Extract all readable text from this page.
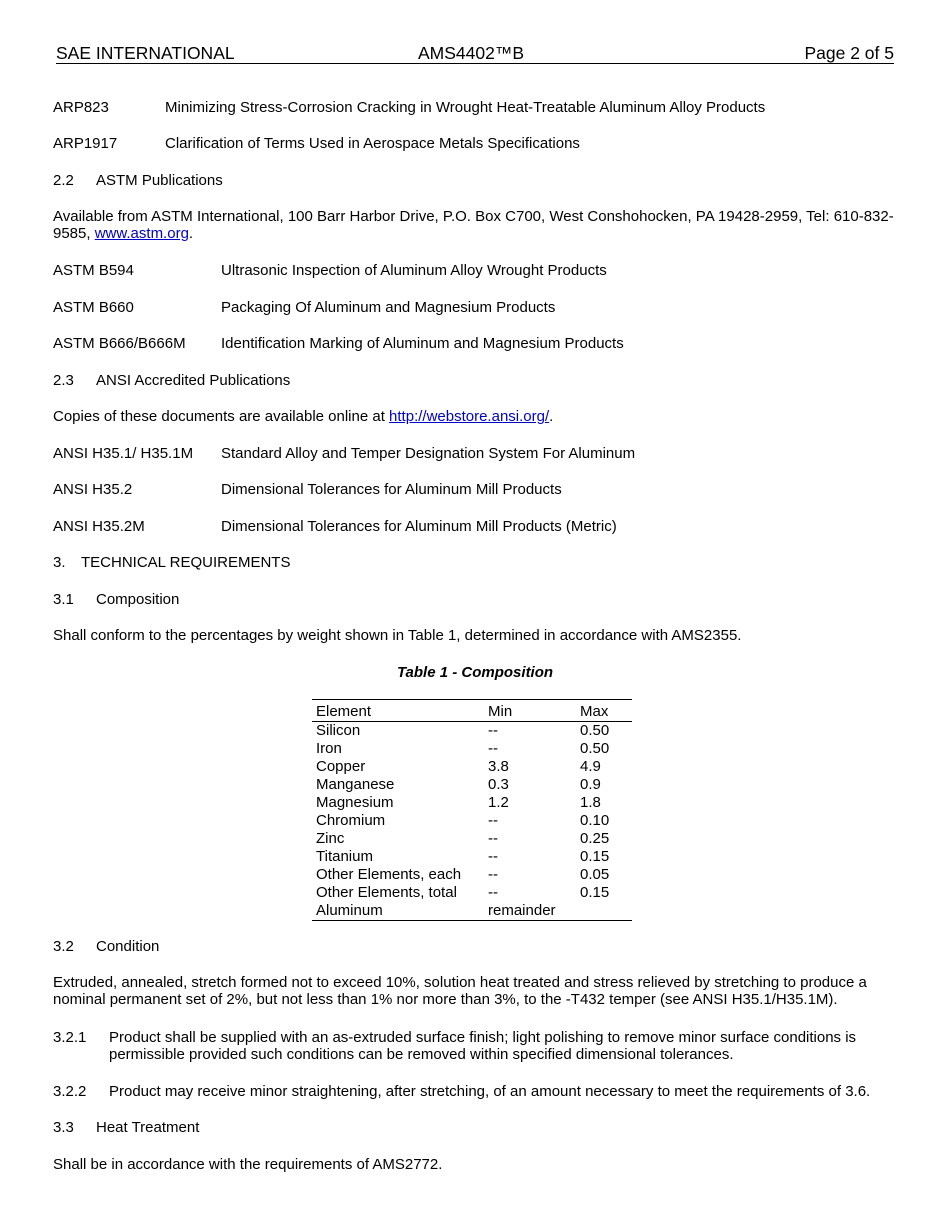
SAE INTERNATIONAL	AMS4402™B	Page 2 of 5
ARP823	Minimizing Stress-Corrosion Cracking in Wrought Heat-Treatable Aluminum Alloy Products
ARP1917	Clarification of Terms Used in Aerospace Metals Specifications
2.2 ASTM Publications
Available from ASTM International, 100 Barr Harbor Drive, P.O. Box C700, West Conshohocken, PA 19428-2959, Tel: 610-832-9585, www.astm.org.
ASTM B594	Ultrasonic Inspection of Aluminum Alloy Wrought Products
ASTM B660	Packaging Of Aluminum and Magnesium Products
ASTM B666/B666M Identification Marking of Aluminum and Magnesium Products
2.3 ANSI Accredited Publications
Copies of these documents are available online at http://webstore.ansi.org/.
ANSI H35.1/ H35.1M Standard Alloy and Temper Designation System For Aluminum
ANSI H35.2	Dimensional Tolerances for Aluminum Mill Products
ANSI H35.2M	Dimensional Tolerances for Aluminum Mill Products (Metric)
3. TECHNICAL REQUIREMENTS
3.1 Composition
Shall conform to the percentages by weight shown in Table 1, determined in accordance with AMS2355.
Table 1 - Composition
Element	Min	Max
Silicon	--	0.50
Iron	--	0.50
Copper	3.8	4.9
Manganese	0.3	0.9
Magnesium	1.2	1.8
Chromium	--	0.10
Zinc	--	0.25
Titanium	--	0.15
Other Elements, each	--	0.05
Other Elements, total	--	0.15
Aluminum	remainder	
3.2 Condition
Extruded, annealed, stretch formed not to exceed 10%, solution heat treated and stress relieved by stretching to produce a nominal permanent set of 2%, but not less than 1% nor more than 3%, to the -T432 temper (see ANSI H35.1/H35.1M).
3.2.1 Product shall be supplied with an as-extruded surface finish; light polishing to remove minor surface conditions is permissible provided such conditions can be removed within specified dimensional tolerances.
3.2.2 Product may receive minor straightening, after stretching, of an amount necessary to meet the requirements of 3.6.
3.3 Heat Treatment
Shall be in accordance with the requirements of AMS2772.
